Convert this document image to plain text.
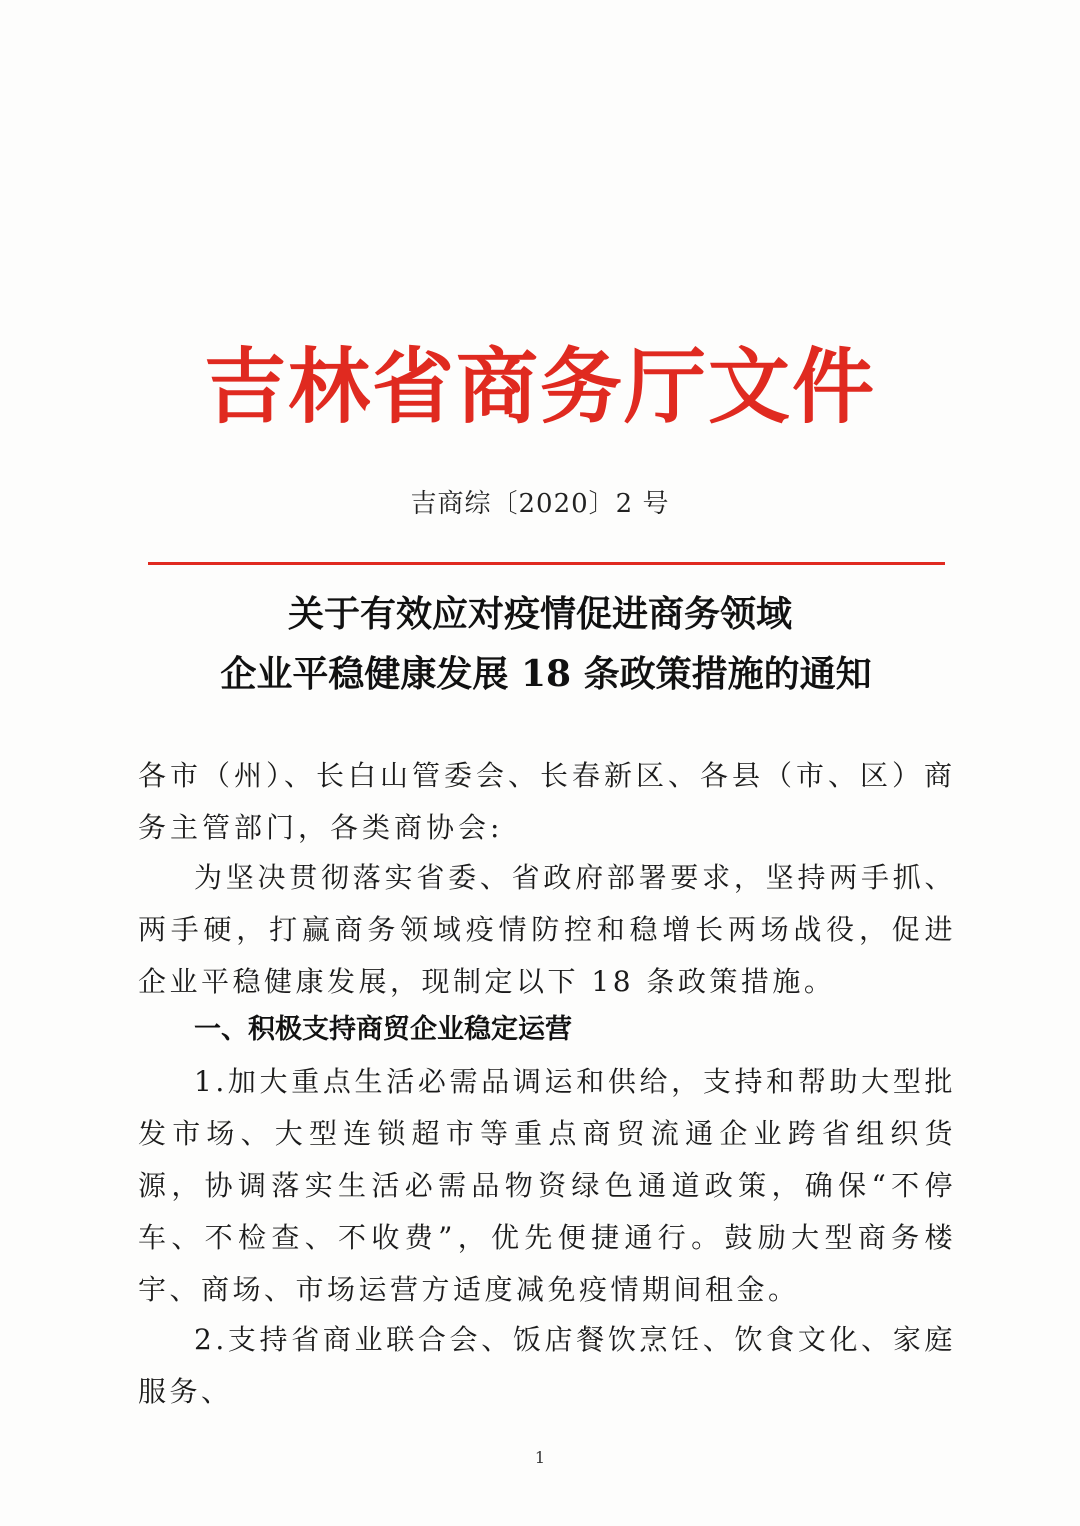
吉林省商务厅文件
吉商综〔2020〕2 号
关于有效应对疫情促进商务领域
企业平稳健康发展 18 条政策措施的通知
各市（州）、长白山管委会、长春新区、各县（市、区）商务主管部门，各类商协会:
为坚决贯彻落实省委、省政府部署要求，坚持两手抓、两手硬，打赢商务领域疫情防控和稳增长两场战役，促进企业平稳健康发展，现制定以下 18 条政策措施。
一、积极支持商贸企业稳定运营
1.加大重点生活必需品调运和供给，支持和帮助大型批发市场、大型连锁超市等重点商贸流通企业跨省组织货源，协调落实生活必需品物资绿色通道政策，确保“不停车、不检查、不收费”，优先便捷通行。鼓励大型商务楼宇、商场、市场运营方适度减免疫情期间租金。
2.支持省商业联合会、饭店餐饮烹饪、饮食文化、家庭服务、
1
